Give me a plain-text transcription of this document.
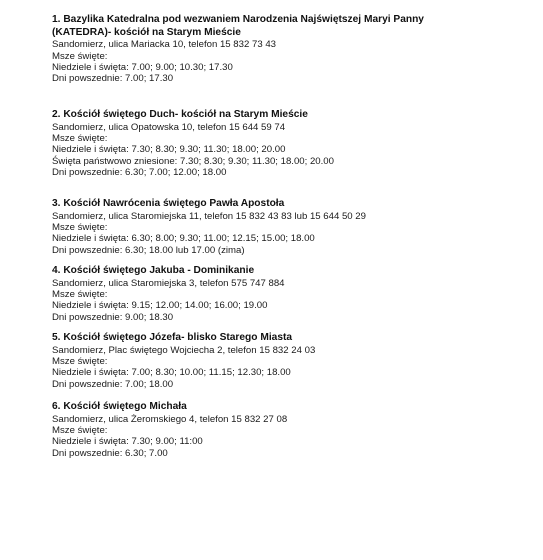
1. Bazylika Katedralna pod wezwaniem Narodzenia Najświętszej Maryi Panny
(KATEDRA)- kościół na Starym Mieście
Sandomierz, ulica Mariacka 10, telefon 15 832 73 43
Msze święte:
Niedziele i święta: 7.00; 9.00; 10.30; 17.30
Dni powszednie: 7.00; 17.30
2. Kościół świętego Duch- kościół na Starym Mieście
Sandomierz, ulica Opatowska 10, telefon 15 644 59 74
Msze święte:
Niedziele i święta: 7.30; 8.30; 9.30; 11.30; 18.00; 20.00
Święta państwowo zniesione: 7.30; 8.30; 9.30; 11.30; 18.00; 20.00
Dni powszednie: 6.30; 7.00; 12.00; 18.00
3. Kościół Nawrócenia świętego Pawła Apostoła
Sandomierz, ulica Staromiejska 11, telefon 15 832 43 83 lub 15 644 50 29
Msze święte:
Niedziele i święta: 6.30; 8.00; 9.30; 11.00; 12.15; 15.00; 18.00
Dni powszednie: 6.30; 18.00 lub 17.00 (zima)
4. Kościół świętego Jakuba - Dominikanie
Sandomierz, ulica Staromiejska 3, telefon 575 747 884
Msze święte:
Niedziele i święta: 9.15; 12.00; 14.00; 16.00; 19.00
Dni powszednie: 9.00; 18.30
5. Kościół świętego Józefa- blisko Starego Miasta
Sandomierz, Plac świętego Wojciecha 2, telefon 15 832 24 03
Msze święte:
Niedziele i święta: 7.00; 8.30; 10.00; 11.15; 12.30; 18.00
Dni powszednie: 7.00; 18.00
6. Kościół świętego Michała
Sandomierz, ulica Żeromskiego 4, telefon 15 832 27 08
Msze święte:
Niedziele i święta: 7.30; 9.00; 11:00
Dni powszednie: 6.30; 7.00
